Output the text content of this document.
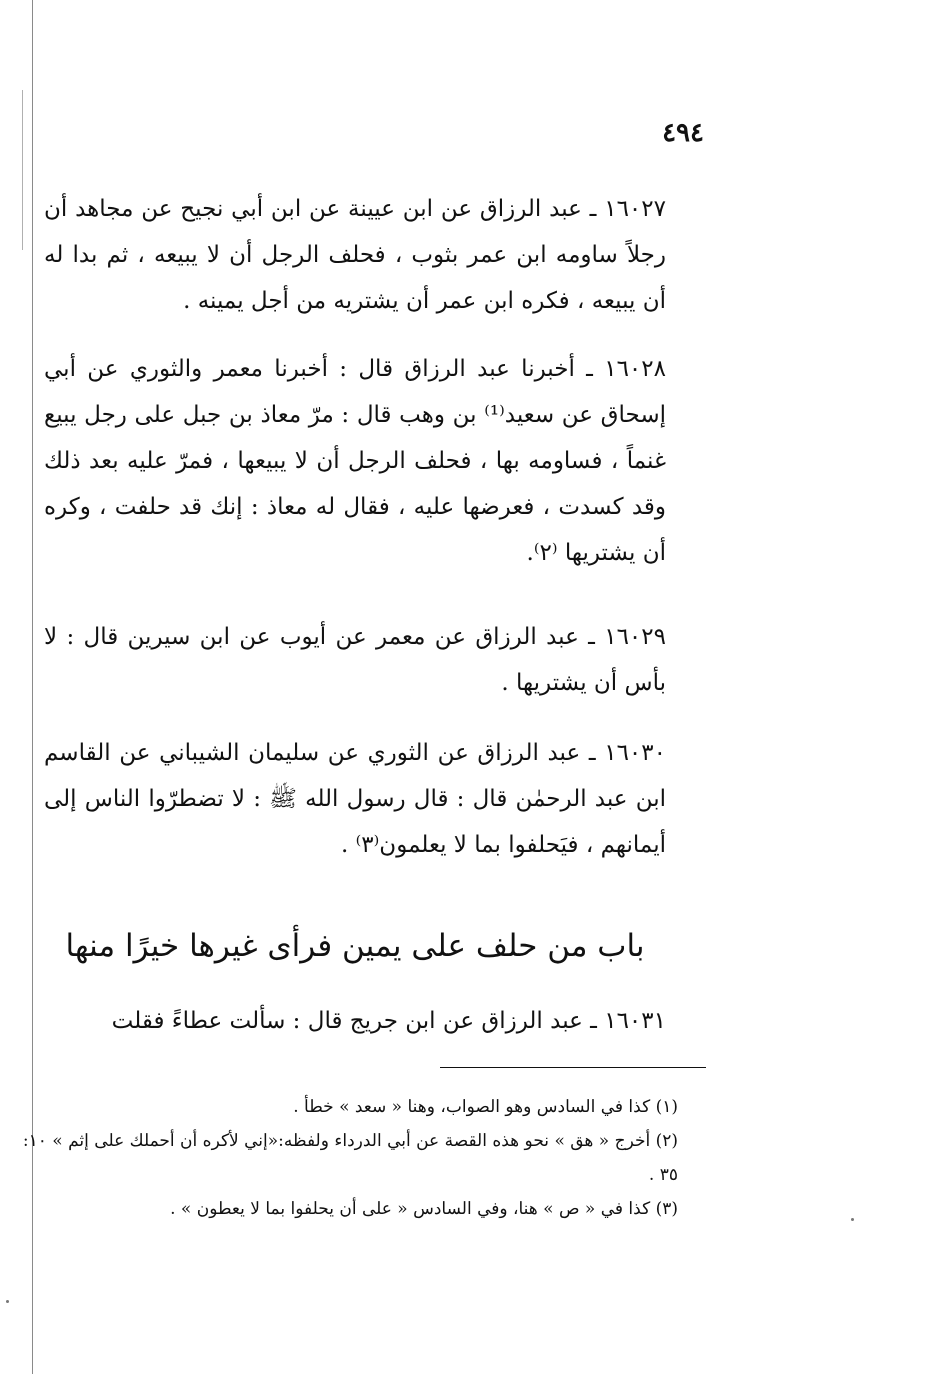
٤٩٤

١٦٠٢٧ ـ عبد الرزاق عن ابن عيينة عن ابن أبي نجيح عن مجاهد أن رجلاً ساومه ابن عمر بثوب ، فحلف الرجل أن لا يبيعه ، ثم بدا له أن يبيعه ، فكره ابن عمر أن يشتريه من أجل يمينه .

١٦٠٢٨ ـ أخبرنا عبد الرزاق قال : أخبرنا معمر والثوري عن أبي إسحاق عن سعيد⁽¹⁾ بن وهب قال : مرّ معاذ بن جبل على رجل يبيع غنماً ، فساومه بها ، فحلف الرجل أن لا يبيعها ، فمرّ عليه بعد ذلك وقد كسدت ، فعرضها عليه ، فقال له معاذ : إنك قد حلفت ، وكره أن يشتريها ⁽٢⁾.

١٦٠٢٩ ـ عبد الرزاق عن معمر عن أيوب عن ابن سيرين قال : لا بأس أن يشتريها .

١٦٠٣٠ ـ عبد الرزاق عن الثوري عن سليمان الشيباني عن القاسم ابن عبد الرحمٰن قال : قال رسول الله ﷺ : لا تضطرّوا الناس إلى أيمانهم ، فيَحلفوا بما لا يعلمون⁽٣⁾ .

باب من حلف على يمين فرأى غيرها خيرًا منها

١٦٠٣١ ـ عبد الرزاق عن ابن جريج قال : سألت عطاءً فقلت

(١) كذا في السادس وهو الصواب، وهنا « سعد » خطأ .

(٢) أخرج « هق » نحو هذه القصة عن أبي الدرداء ولفظه:«إني لأكره أن أحملك على إثم » ١٠: ٣٥ .

(٣) كذا في « ص » هنا، وفي السادس « على أن يحلفوا بما لا يعطون » .
